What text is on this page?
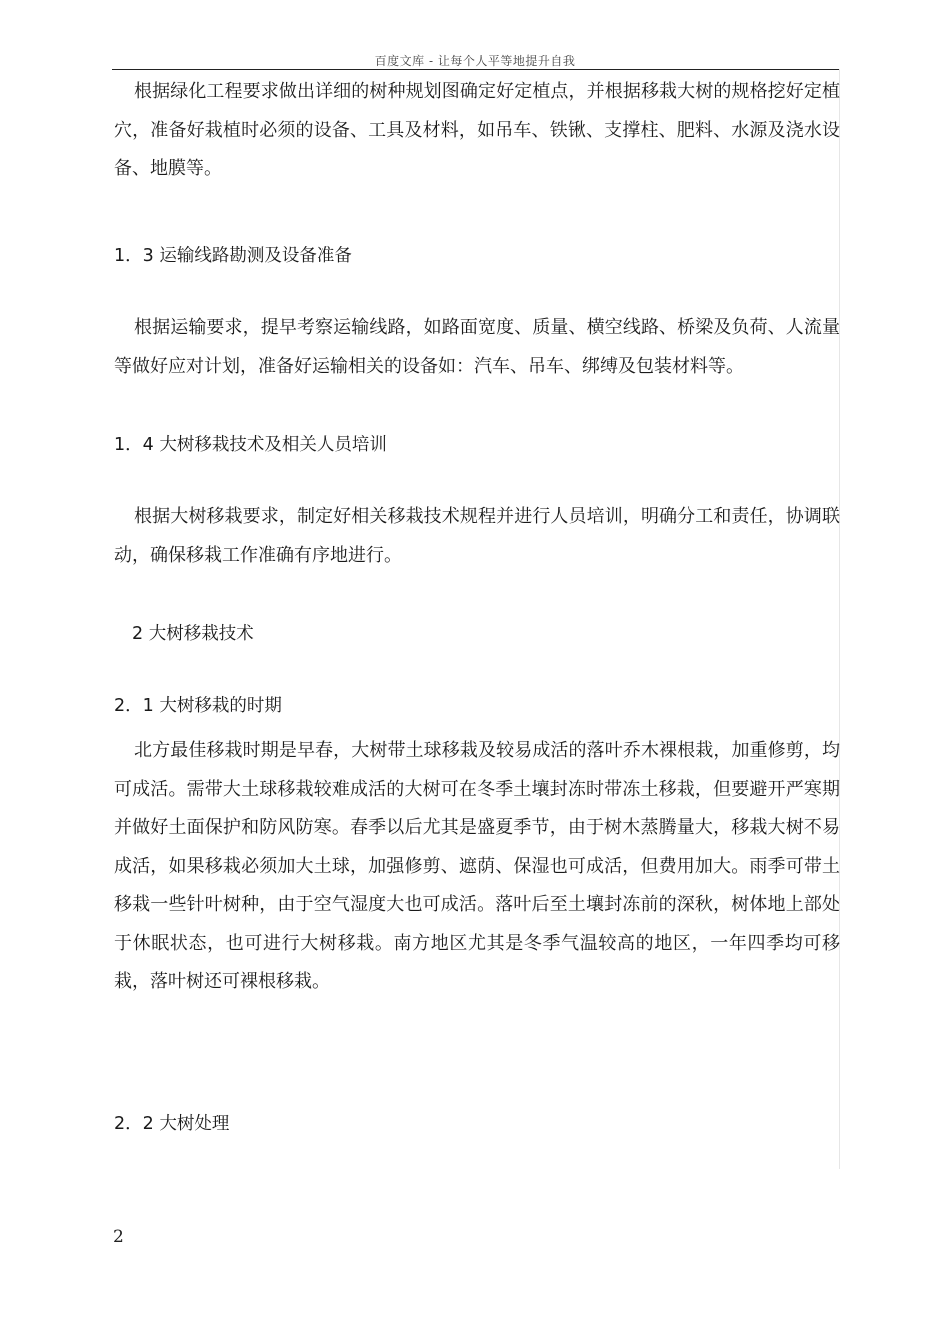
百度文库 - 让每个人平等地提升自我

根据绿化工程要求做出详细的树种规划图确定好定植点，并根据移栽大树的规格挖好定植穴，准备好栽植时必须的设备、工具及材料，如吊车、铁锹、支撑柱、肥料、水源及浇水设备、地膜等。

1．3 运输线路勘测及设备准备

根据运输要求，提早考察运输线路，如路面宽度、质量、横空线路、桥梁及负荷、人流量等做好应对计划，准备好运输相关的设备如：汽车、吊车、绑缚及包装材料等。

1．4 大树移栽技术及相关人员培训

根据大树移栽要求，制定好相关移栽技术规程并进行人员培训，明确分工和责任，协调联动，确保移栽工作准确有序地进行。

2 大树移栽技术

2．1 大树移栽的时期

北方最佳移栽时期是早春，大树带土球移栽及较易成活的落叶乔木裸根栽，加重修剪，均可成活。需带大土球移栽较难成活的大树可在冬季土壤封冻时带冻土移栽，但要避开严寒期并做好土面保护和防风防寒。春季以后尤其是盛夏季节，由于树木蒸腾量大，移栽大树不易成活，如果移栽必须加大土球，加强修剪、遮荫、保湿也可成活，但费用加大。雨季可带土移栽一些针叶树种，由于空气湿度大也可成活。落叶后至土壤封冻前的深秋，树体地上部处于休眠状态，也可进行大树移栽。南方地区尤其是冬季气温较高的地区，一年四季均可移栽，落叶树还可裸根移栽。

2．2 大树处理

2
